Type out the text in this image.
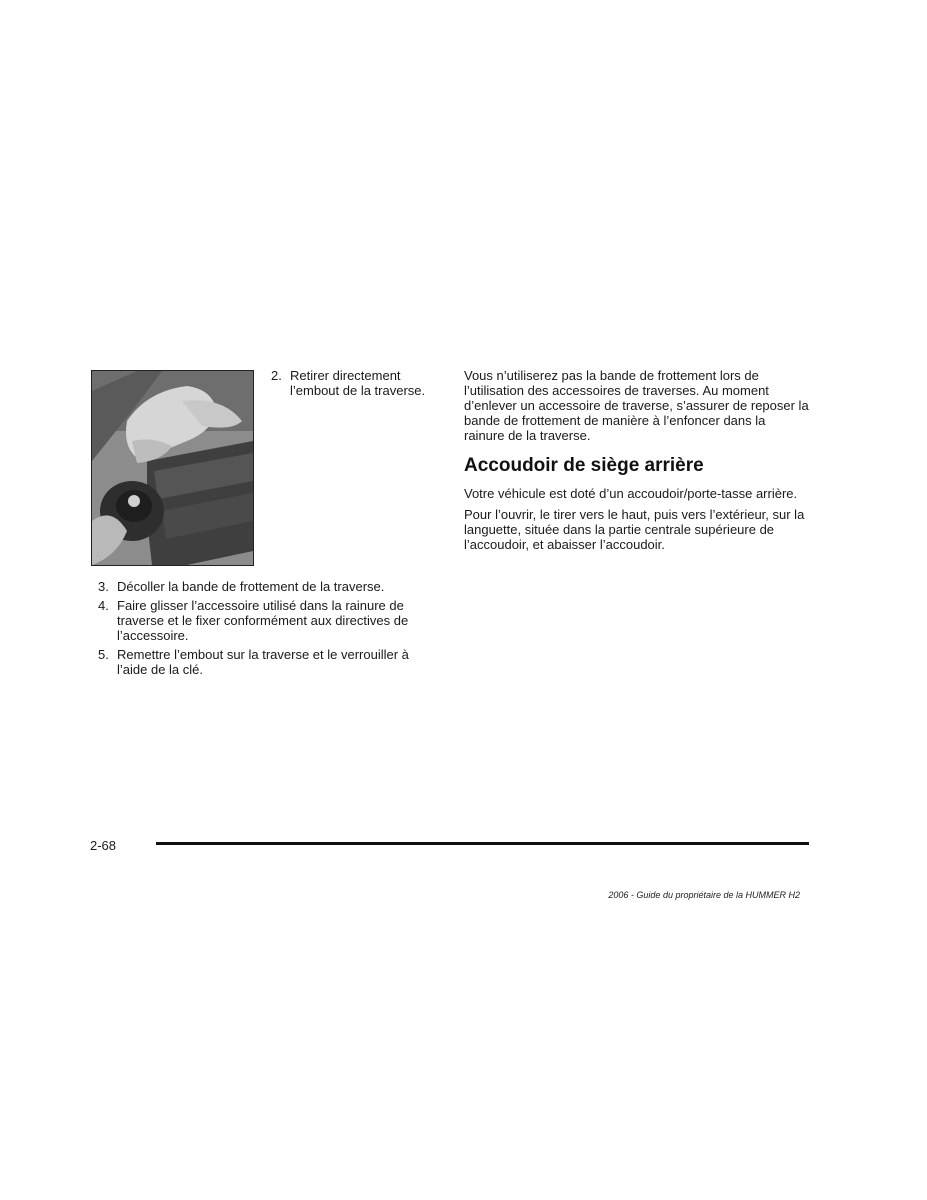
2. Retirer directement l’embout de la traverse.
3. Décoller la bande de frottement de la traverse.
4. Faire glisser l’accessoire utilisé dans la rainure de traverse et le fixer conformément aux directives de l’accessoire.
5. Remettre l’embout sur la traverse et le verrouiller à l’aide de la clé.

Vous n’utiliserez pas la bande de frottement lors de l’utilisation des accessoires de traverses. Au moment d’enlever un accessoire de traverse, s’assurer de reposer la bande de frottement de manière à l’enfoncer dans la rainure de la traverse.

Accoudoir de siège arrière

Votre véhicule est doté d’un accoudoir/porte-tasse arrière.

Pour l’ouvrir, le tirer vers le haut, puis vers l’extérieur, sur la languette, située dans la partie centrale supérieure de l’accoudoir, et abaisser l’accoudoir.

2-68
2006 - Guide du propriétaire de la HUMMER H2
